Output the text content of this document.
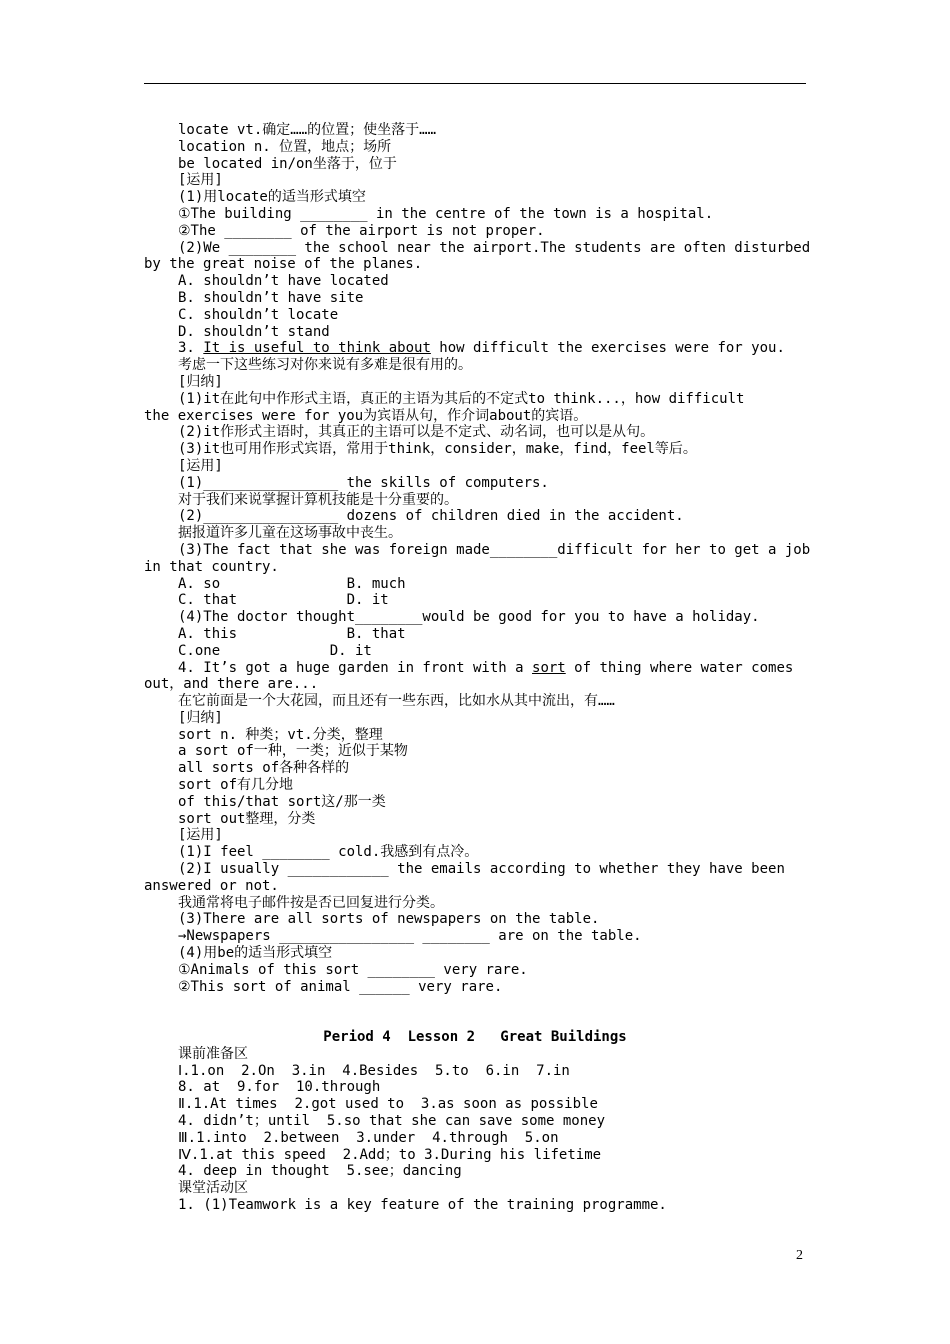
locate vt.确定……的位置；使坐落于……
location n. 位置，地点；场所
be located in/on坐落于，位于
[运用]
(1)用locate的适当形式填空
①The building ________ in the centre of the town is a hospital.
②The ________ of the airport is not proper.
(2)We ________ the school near the airport.The students are often disturbed
by the great noise of the planes.
A. shouldn’t have located
B. shouldn’t have site
C. shouldn’t locate
D. shouldn’t stand
3. It is useful to think about how difficult the exercises were for you.
考虑一下这些练习对你来说有多难是很有用的。
[归纳]
(1)it在此句中作形式主语，真正的主语为其后的不定式to think...，how difficult
the exercises were for you为宾语从句，作介词about的宾语。
(2)it作形式主语时，其真正的主语可以是不定式、动名词，也可以是从句。
(3)it也可用作形式宾语，常用于think，consider，make，find，feel等后。
[运用]
(1)________________ the skills of computers.
对于我们来说掌握计算机技能是十分重要的。
(2)________________ dozens of children died in the accident.
据报道许多儿童在这场事故中丧生。
(3)The fact that she was foreign made________difficult for her to get a job
in that country.
A. so               B. much
C. that             D. it
(4)The doctor thought________would be good for you to have a holiday.
A. this             B. that
C.one             D. it
4. It’s got a huge garden in front with a sort of thing where water comes
out，and there are...
在它前面是一个大花园，而且还有一些东西，比如水从其中流出，有……
[归纳]
sort n. 种类；vt.分类，整理
a sort of一种，一类；近似于某物
all sorts of各种各样的
sort of有几分地
of this/that sort这/那一类
sort out整理，分类
[运用]
(1)I feel ________ cold.我感到有点冷。
(2)I usually ____________ the emails according to whether they have been
answered or not.
我通常将电子邮件按是否已回复进行分类。
(3)There are all sorts of newspapers on the table.
→Newspapers ________________ ________ are on the table.
(4)用be的适当形式填空
①Animals of this sort ________ very rare.
②This sort of animal ______ very rare.
Period 4  Lesson 2   Great Buildings
课前准备区
Ⅰ.1.on  2.On  3.in  4.Besides  5.to  6.in  7.in
8. at  9.for  10.through
Ⅱ.1.At times  2.got used to  3.as soon as possible
4. didn’t；until  5.so that she can save some money
Ⅲ.1.into  2.between  3.under  4.through  5.on
Ⅳ.1.at this speed  2.Add；to 3.During his lifetime
4. deep in thought  5.see；dancing
课堂活动区
1. (1)Teamwork is a key feature of the training programme.
2
